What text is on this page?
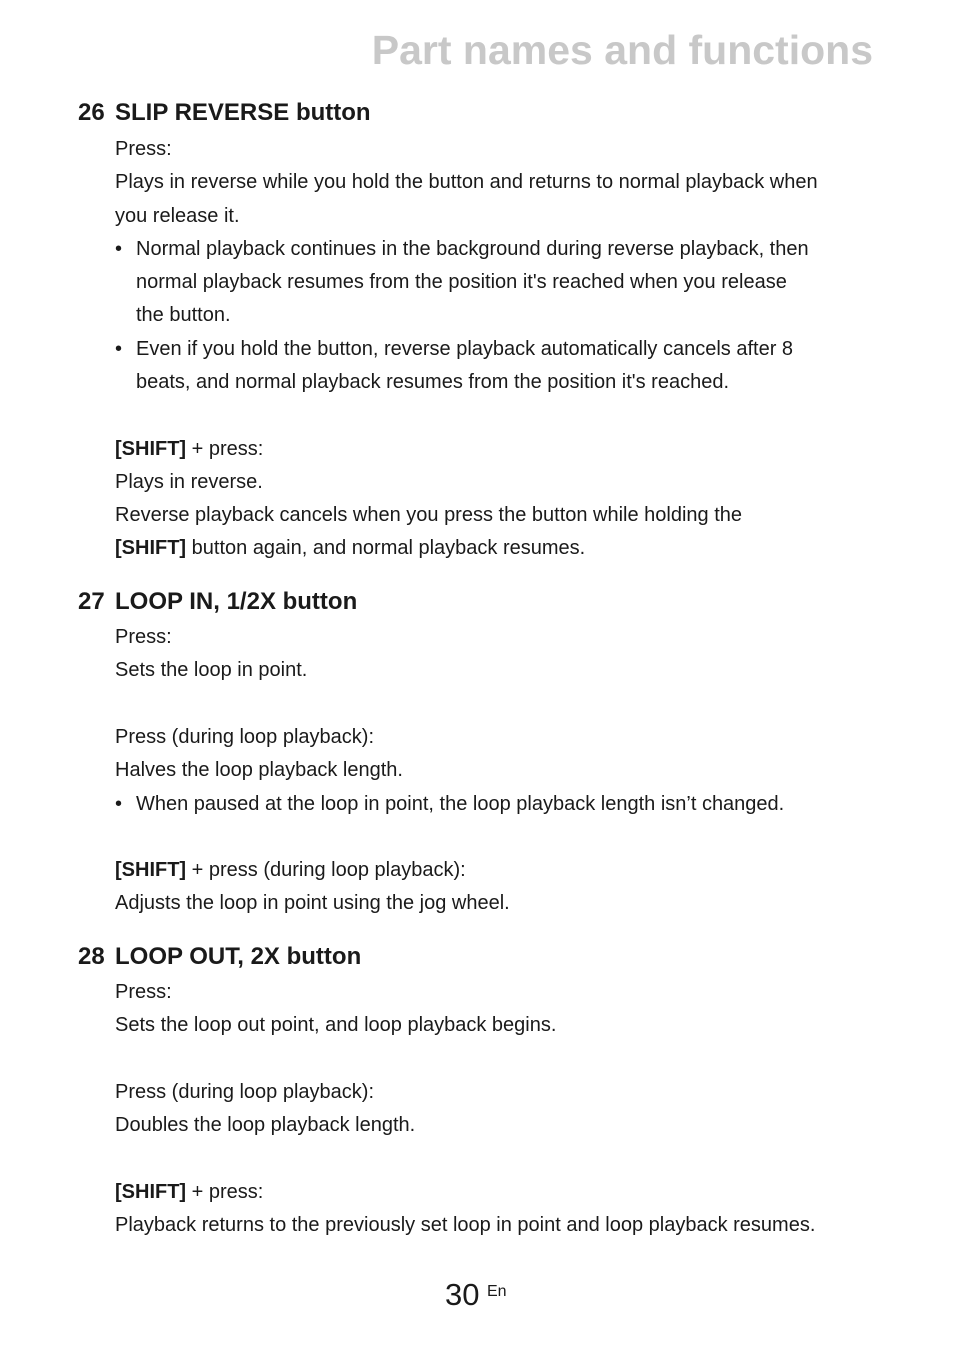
Part names and functions
26 SLIP REVERSE button
Press:
Plays in reverse while you hold the button and returns to normal playback when
you release it.
• Normal playback continues in the background during reverse playback, then
normal playback resumes from the position it's reached when you release
the button.
• Even if you hold the button, reverse playback automatically cancels after 8
beats, and normal playback resumes from the position it's reached.
[SHIFT] + press:
Plays in reverse.
Reverse playback cancels when you press the button while holding the
[SHIFT] button again, and normal playback resumes.
27 LOOP IN, 1/2X button
Press:
Sets the loop in point.
Press (during loop playback):
Halves the loop playback length.
• When paused at the loop in point, the loop playback length isn’t changed.
[SHIFT] + press (during loop playback):
Adjusts the loop in point using the jog wheel.
28 LOOP OUT, 2X button
Press:
Sets the loop out point, and loop playback begins.
Press (during loop playback):
Doubles the loop playback length.
[SHIFT] + press:
Playback returns to the previously set loop in point and loop playback resumes.
30 En
